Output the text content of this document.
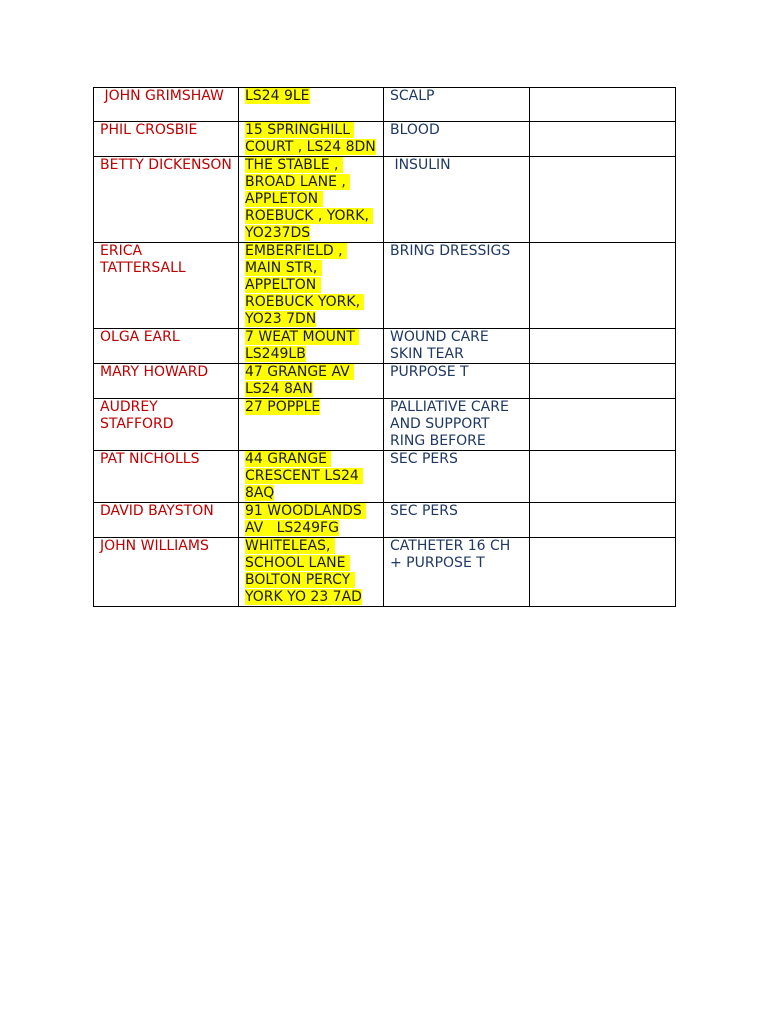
JOHN GRIMSHAW	LS24 9LE	SCALP	
PHIL CROSBIE	15 SPRINGHILL COURT , LS24 8DN	BLOOD	
BETTY DICKENSON	THE STABLE , BROAD LANE , APPLETON ROEBUCK , YORK, YO237DS	INSULIN	
ERICA TATTERSALL	EMBERFIELD , MAIN STR, APPELTON ROEBUCK YORK, YO23 7DN	BRING DRESSIGS	
OLGA EARL	7 WEAT MOUNT LS249LB	WOUND CARE SKIN TEAR	
MARY HOWARD	47 GRANGE AV LS24 8AN	PURPOSE T	
AUDREY STAFFORD	27 POPPLE	PALLIATIVE CARE AND SUPPORT RING BEFORE	
PAT NICHOLLS	44 GRANGE CRESCENT LS24 8AQ	SEC PERS	
DAVID BAYSTON	91 WOODLANDS AV   LS249FG	SEC PERS	
JOHN WILLIAMS	WHITELEAS, SCHOOL LANE BOLTON PERCY YORK YO 23 7AD	CATHETER 16 CH + PURPOSE T	
